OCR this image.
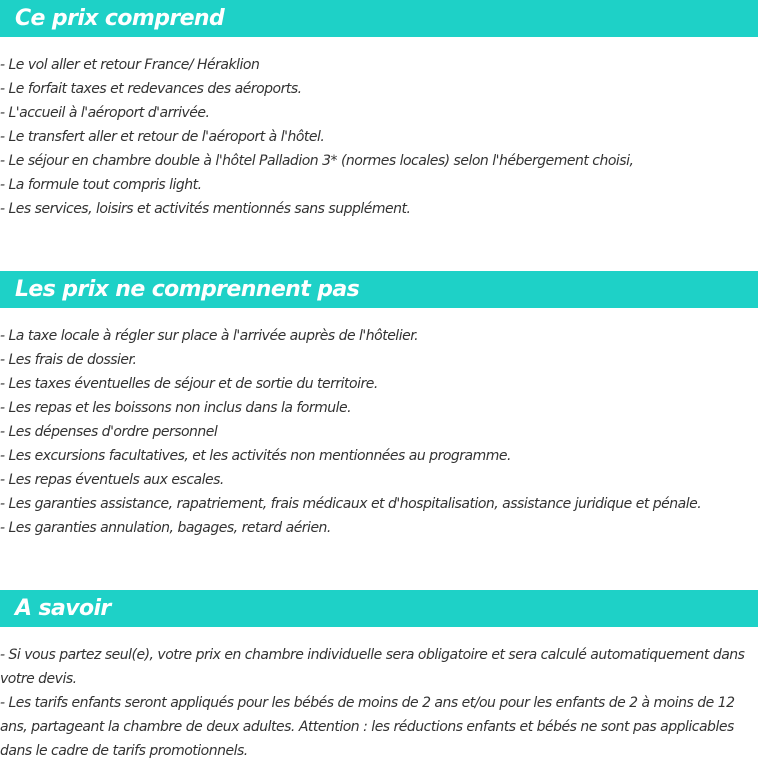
Ce prix comprend
- Le vol aller et retour France/ Héraklion
- Le forfait taxes et redevances des aéroports.
- L'accueil à l'aéroport d'arrivée.
- Le transfert aller et retour de l'aéroport à l'hôtel.
- Le séjour en chambre double à l'hôtel Palladion 3* (normes locales) selon l'hébergement choisi,
- La formule tout compris light.
- Les services, loisirs et activités mentionnés sans supplément.
Les prix ne comprennent pas
- La taxe locale à régler sur place à l'arrivée auprès de l'hôtelier.
- Les frais de dossier.
- Les taxes éventuelles de séjour et de sortie du territoire.
- Les repas et les boissons non inclus dans la formule.
- Les dépenses d'ordre personnel
- Les excursions facultatives, et les activités non mentionnées au programme.
- Les repas éventuels aux escales.
- Les garanties assistance, rapatriement, frais médicaux et d'hospitalisation, assistance juridique et pénale.
- Les garanties annulation, bagages, retard aérien.
A savoir

- Si vous partez seul(e), votre prix en chambre individuelle sera obligatoire et sera calculé automatiquement dans votre devis.

- Les tarifs enfants seront appliqués pour les bébés de moins de 2 ans et/ou pour les enfants de 2 à moins de 12 ans, partageant la chambre de deux adultes. Attention : les réductions enfants et bébés ne sont pas applicables dans le cadre de tarifs promotionnels.
